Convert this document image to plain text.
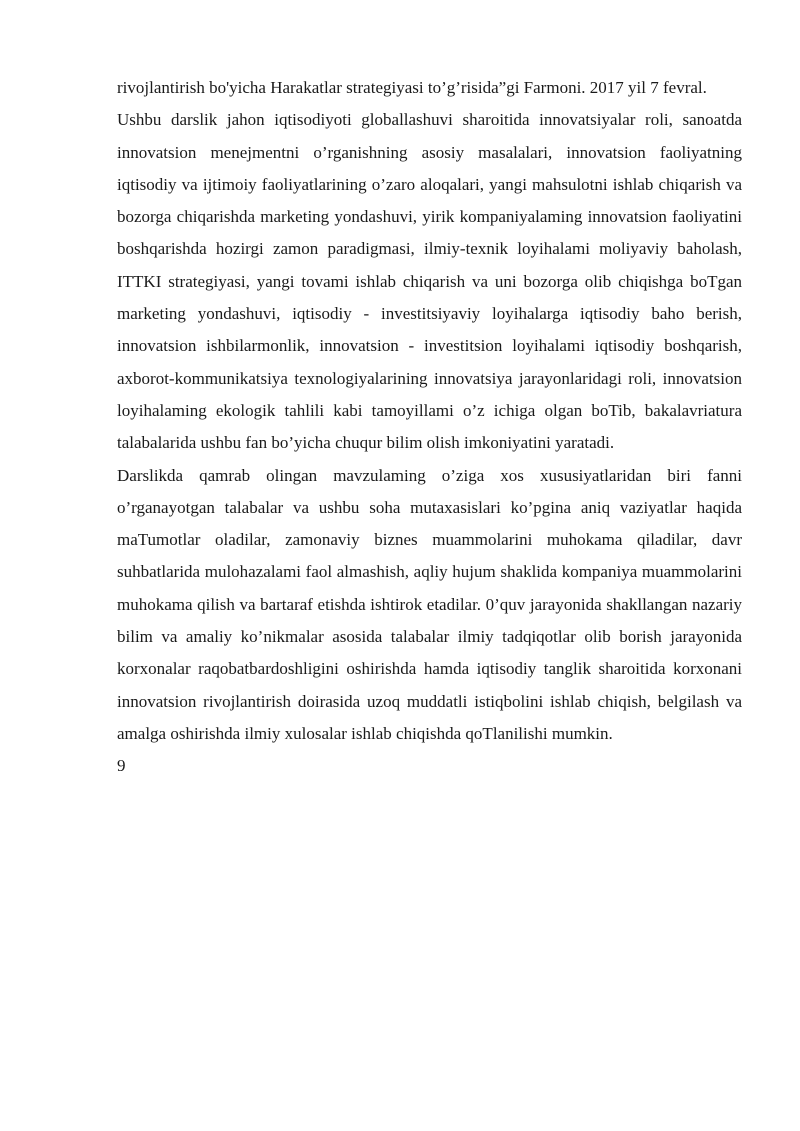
rivojlantirish bo'yicha Harakatlar strategiyasi to’g’risida”gi Farmoni. 2017 yil 7 fevral.

Ushbu darslik jahon iqtisodiyoti globallashuvi sharoitida innovatsiyalar roli, sanoatda innovatsion menejmentni o’rganishning asosiy masalalari, innovatsion faoliyatning iqtisodiy va ijtimoiy faoliyatlarining o’zaro aloqalari, yangi mahsulotni ishlab chiqarish va bozorga chiqarishda marketing yondashuvi, yirik kompaniyalaming innovatsion faoliyatini boshqarishda hozirgi zamon paradigmasi, ilmiy-texnik loyihalami moliyaviy baholash, ITTKI strategiyasi, yangi tovami ishlab chiqarish va uni bozorga olib chiqishga boTgan marketing yondashuvi, iqtisodiy - investitsiyaviy loyihalarga iqtisodiy baho berish, innovatsion ishbilarmonlik, innovatsion - investitsion loyihalami iqtisodiy boshqarish, axborot-kommunikatsiya texnologiyalarining innovatsiya jarayonlaridagi roli, innovatsion loyihalaming ekologik tahlili kabi tamoyillami o’z ichiga olgan boTib, bakalavriatura talabalarida ushbu fan bo’yicha chuqur bilim olish imkoniyatini yaratadi.

Darslikda qamrab olingan mavzulaming o’ziga xos xususiyatlaridan biri fanni o’rganayotgan talabalar va ushbu soha mutaxasislari ko’pgina aniq vaziyatlar haqida maTumotlar oladilar, zamonaviy biznes muammolarini muhokama qiladilar, davr suhbatlarida mulohazalami faol almashish, aqliy hujum shaklida kompaniya muammolarini muhokama qilish va bartaraf etishda ishtirok etadilar. 0’quv jarayonida shakllangan nazariy bilim va amaliy ko’nikmalar asosida talabalar ilmiy tadqiqotlar olib borish jarayonida korxonalar raqobatbardoshligini oshirishda hamda iqtisodiy tanglik sharoitida korxonani innovatsion rivojlantirish doirasida uzoq muddatli istiqbolini ishlab chiqish, belgilash va amalga oshirishda ilmiy xulosalar ishlab chiqishda qoTlanilishi mumkin.

9
